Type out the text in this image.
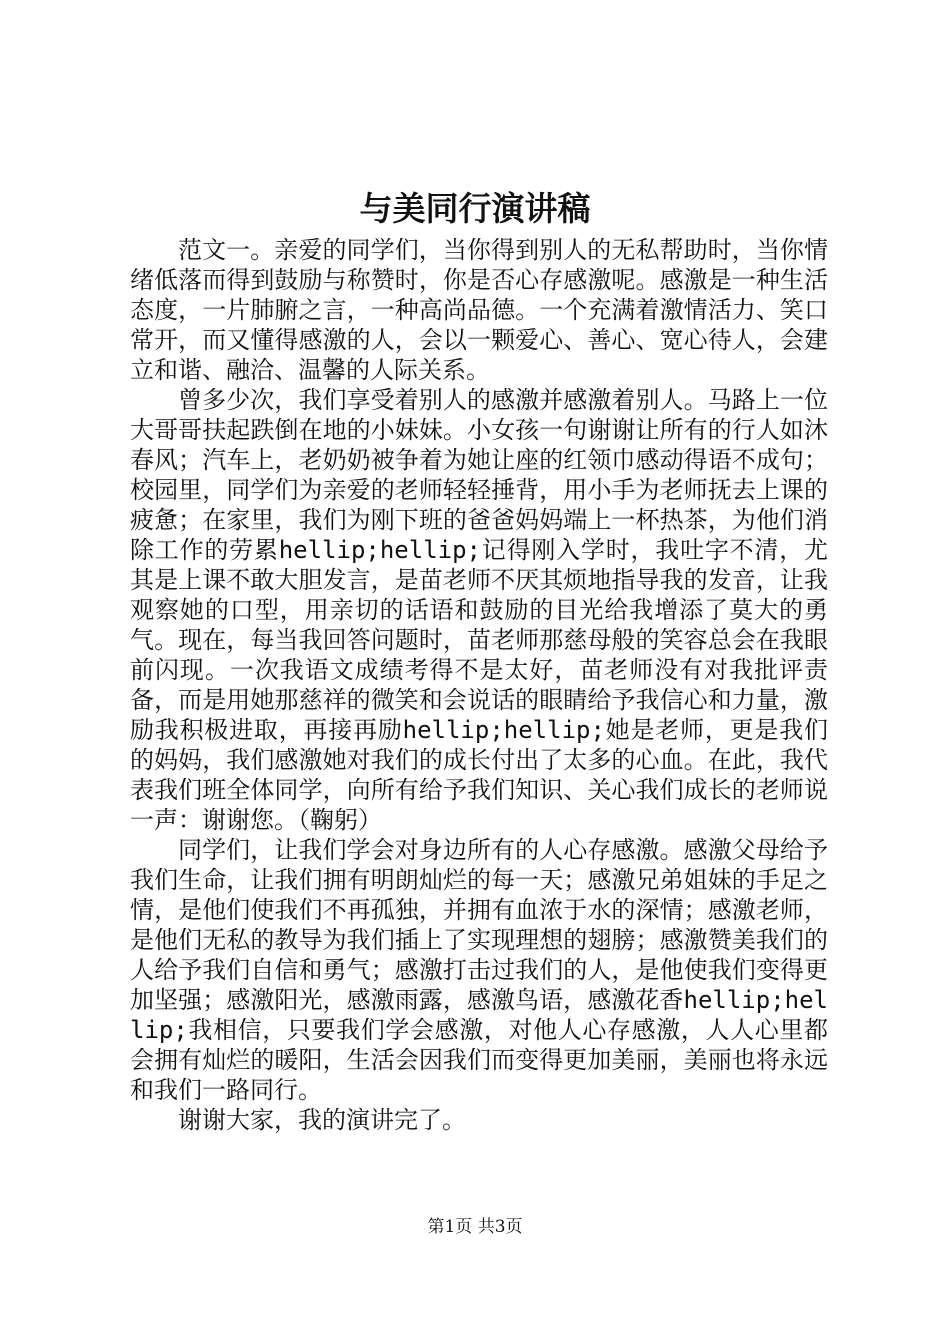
与美同行演讲稿

范文一。亲爱的同学们，当你得到别人的无私帮助时，当你情绪低落而得到鼓励与称赞时，你是否心存感激呢。感激是一种生活态度，一片肺腑之言，一种高尚品德。一个充满着激情活力、笑口常开，而又懂得感激的人，会以一颗爱心、善心、宽心待人，会建立和谐、融洽、温馨的人际关系。

曾多少次，我们享受着别人的感激并感激着别人。马路上一位大哥哥扶起跌倒在地的小妹妹。小女孩一句谢谢让所有的行人如沐春风；汽车上，老奶奶被争着为她让座的红领巾感动得语不成句；校园里，同学们为亲爱的老师轻轻捶背，用小手为老师抚去上课的疲惫；在家里，我们为刚下班的爸爸妈妈端上一杯热茶，为他们消除工作的劳累hellip;hellip;记得刚入学时，我吐字不清，尤其是上课不敢大胆发言，是苗老师不厌其烦地指导我的发音，让我观察她的口型，用亲切的话语和鼓励的目光给我增添了莫大的勇气。现在，每当我回答问题时，苗老师那慈母般的笑容总会在我眼前闪现。一次我语文成绩考得不是太好，苗老师没有对我批评责备，而是用她那慈祥的微笑和会说话的眼睛给予我信心和力量，激励我积极进取，再接再励hellip;hellip;她是老师，更是我们的妈妈，我们感激她对我们的成长付出了太多的心血。在此，我代表我们班全体同学，向所有给予我们知识、关心我们成长的老师说一声：谢谢您。（鞠躬）

同学们，让我们学会对身边所有的人心存感激。感激父母给予我们生命，让我们拥有明朗灿烂的每一天；感激兄弟姐妹的手足之情，是他们使我们不再孤独，并拥有血浓于水的深情；感激老师，是他们无私的教导为我们插上了实现理想的翅膀；感激赞美我们的人给予我们自信和勇气；感激打击过我们的人，是他使我们变得更加坚强；感激阳光，感激雨露，感激鸟语，感激花香hellip;hellip;我相信，只要我们学会感激，对他人心存感激，人人心里都会拥有灿烂的暖阳，生活会因我们而变得更加美丽，美丽也将永远和我们一路同行。

谢谢大家，我的演讲完了。

第1页 共3页
